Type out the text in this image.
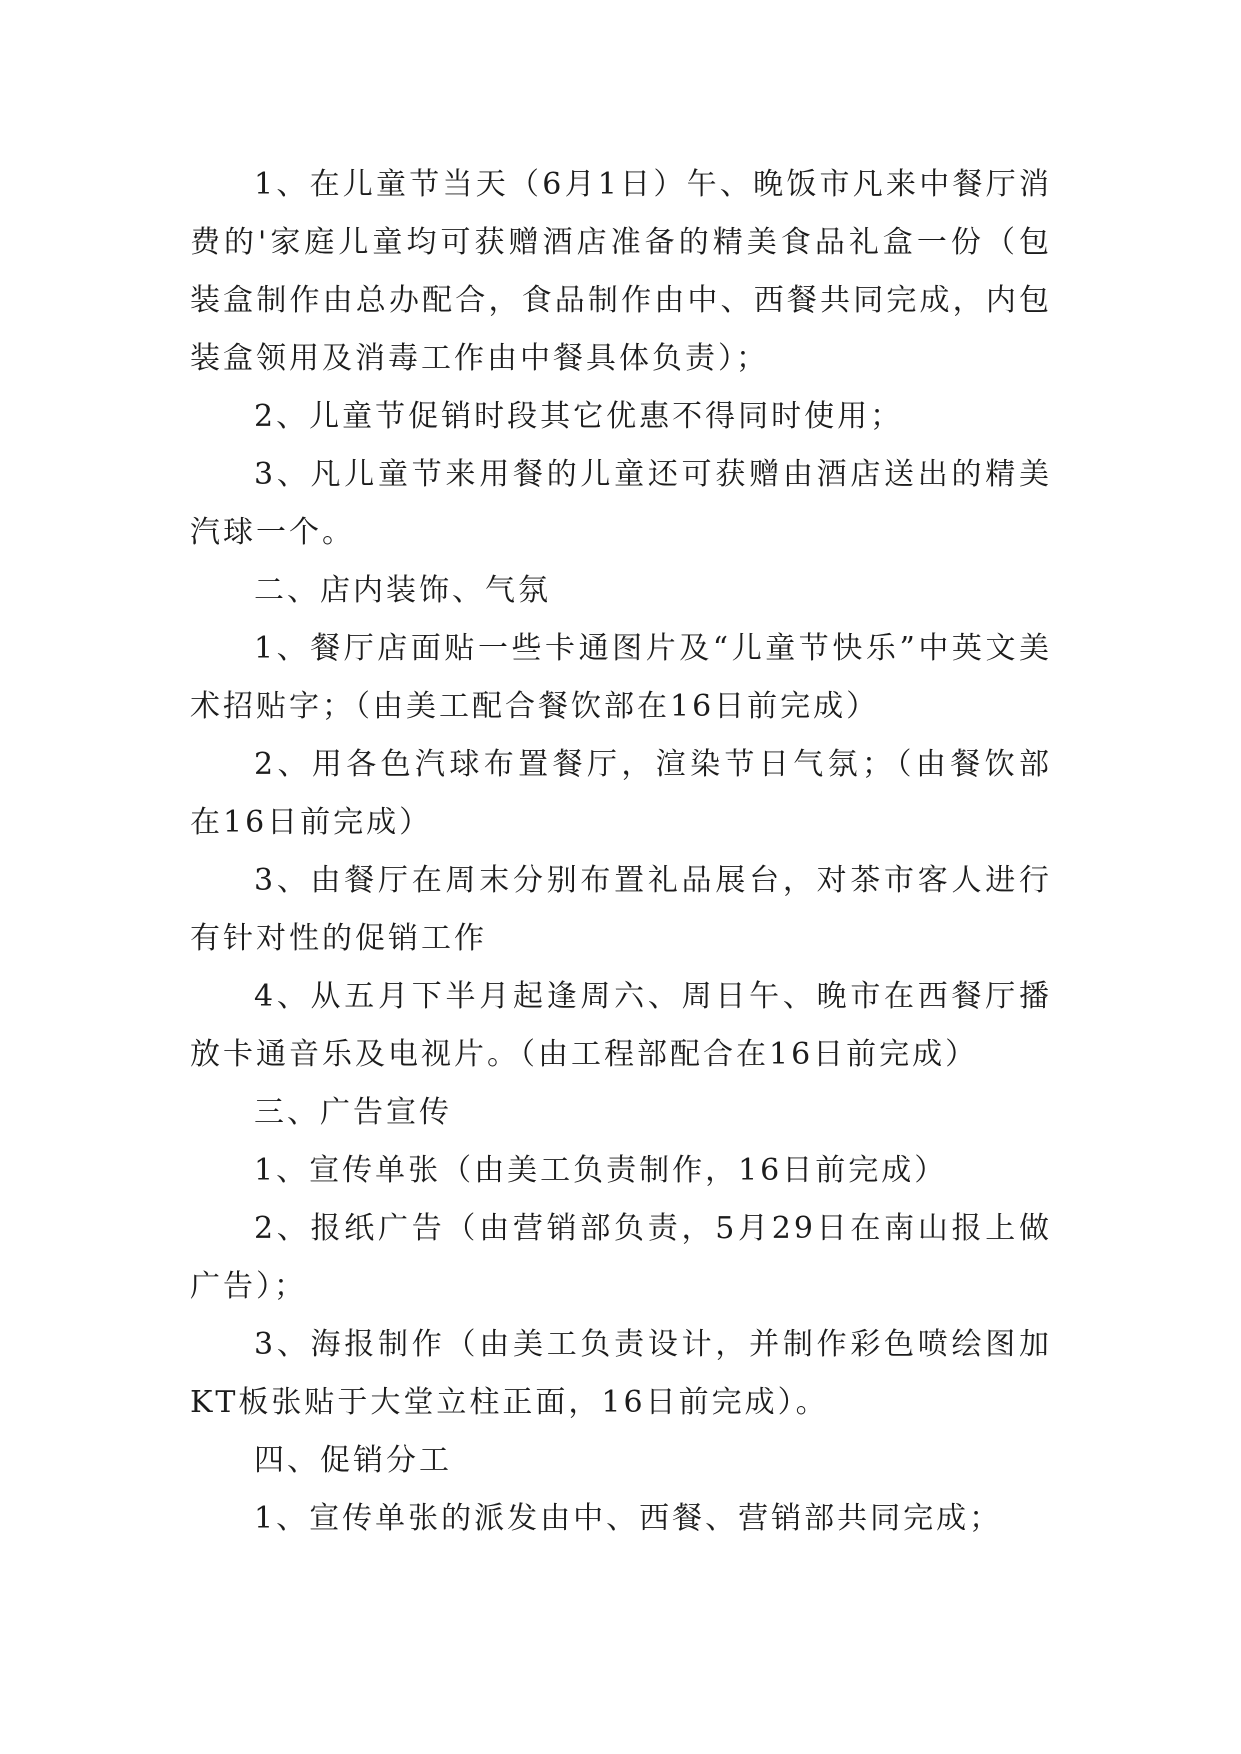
1、在儿童节当天（6月1日）午、晚饭市凡来中餐厅消费的'家庭儿童均可获赠酒店准备的精美食品礼盒一份（包装盒制作由总办配合，食品制作由中、西餐共同完成，内包装盒领用及消毒工作由中餐具体负责）；

2、儿童节促销时段其它优惠不得同时使用；

3、凡儿童节来用餐的儿童还可获赠由酒店送出的精美汽球一个。

二、店内装饰、气氛

1、餐厅店面贴一些卡通图片及“儿童节快乐”中英文美术招贴字；（由美工配合餐饮部在16日前完成）

2、用各色汽球布置餐厅，渲染节日气氛；（由餐饮部在16日前完成）

3、由餐厅在周末分别布置礼品展台，对茶市客人进行有针对性的促销工作

4、从五月下半月起逢周六、周日午、晚市在西餐厅播放卡通音乐及电视片。（由工程部配合在16日前完成）

三、广告宣传

1、宣传单张（由美工负责制作，16日前完成）

2、报纸广告（由营销部负责，5月29日在南山报上做广告）；

3、海报制作（由美工负责设计，并制作彩色喷绘图加KT板张贴于大堂立柱正面，16日前完成）。

四、促销分工

1、宣传单张的派发由中、西餐、营销部共同完成；
